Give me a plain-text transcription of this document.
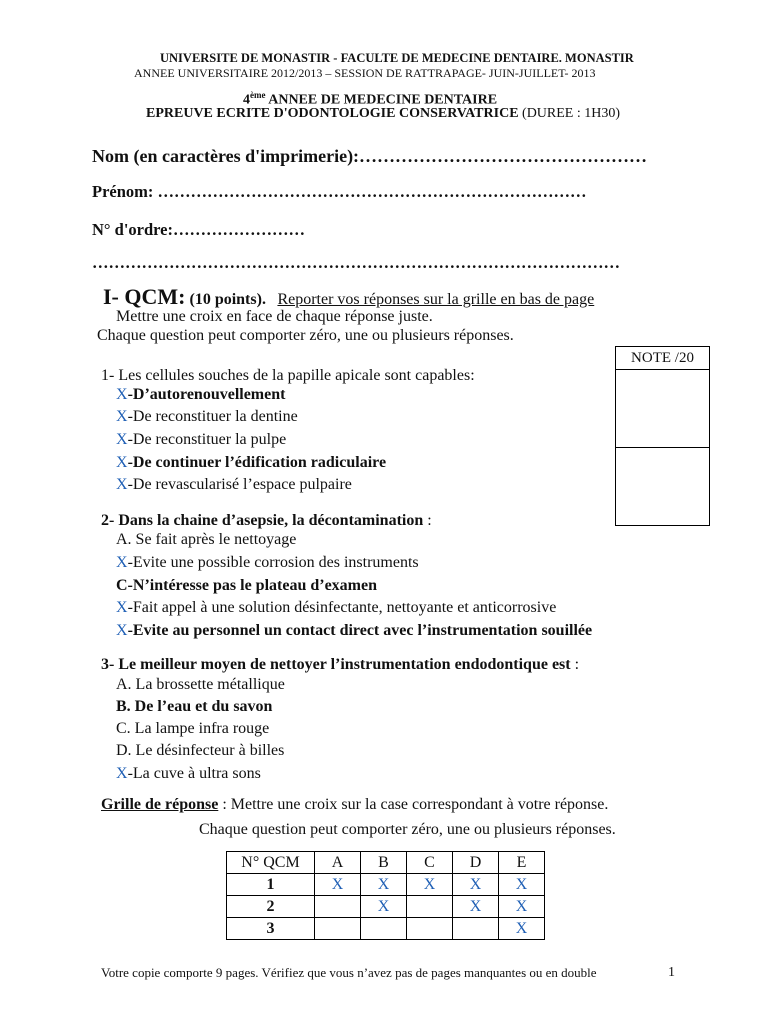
UNIVERSITE DE MONASTIR - FACULTE DE MEDECINE DENTAIRE. MONASTIR
ANNEE UNIVERSITAIRE 2012/2013 – SESSION DE RATTRAPAGE- JUIN-JUILLET- 2013
4ème ANNEE DE MEDECINE DENTAIRE
EPREUVE ECRITE D'ODONTOLOGIE CONSERVATRICE (DUREE : 1H30)
Nom (en caractères d'imprimerie):…………………………………………
Prénom: ……………………………………………………………………
N° d'ordre:……………………
……………………………………………………………………………………
I- QCM: (10 points). Reporter vos réponses sur la grille en bas de page
Mettre une croix en face de chaque réponse juste.
Chaque question peut comporter zéro, une ou plusieurs réponses.
NOTE /20
1- Les cellules souches de la papille apicale sont capables:
X-D’autorenouvellement
X-De reconstituer la dentine
X-De reconstituer la pulpe
X-De continuer l’édification radiculaire
X-De revascularisé l’espace pulpaire
2- Dans la chaine d’asepsie, la décontamination :
A. Se fait après le nettoyage
X-Evite une possible corrosion des instruments
C-N’intéresse pas le plateau d’examen
X-Fait appel à une solution désinfectante, nettoyante et anticorrosive
X-Evite au personnel un contact direct avec l’instrumentation souillée
3- Le meilleur moyen de nettoyer l’instrumentation endodontique est :
A. La brossette métallique
B. De l’eau et du savon
C. La lampe infra rouge
D. Le désinfecteur à billes
X-La cuve à ultra sons
Grille de réponse : Mettre une croix sur la case correspondant à votre réponse.
Chaque question peut comporter zéro, une ou plusieurs réponses.
N° QCM	A	B	C	D	E
1	X	X	X	X	X
2		X		X	X
3					X
Votre copie comporte 9 pages. Vérifiez que vous n’avez pas de pages manquantes ou en double	1
